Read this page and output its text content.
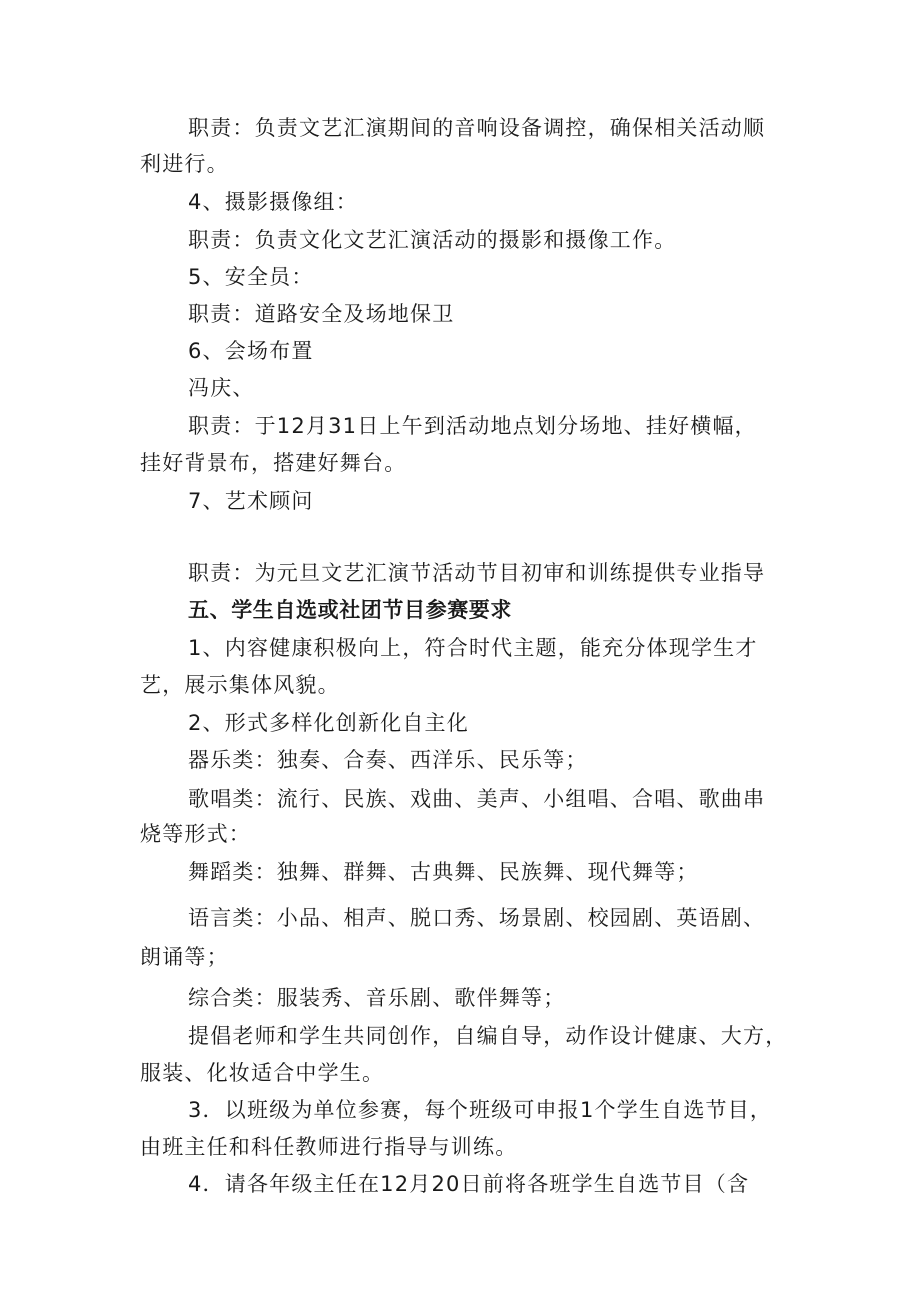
职责：负责文艺汇演期间的音响设备调控，确保相关活动顺
利进行。
4、摄影摄像组：
职责：负责文化文艺汇演活动的摄影和摄像工作。
5、安全员：
职责：道路安全及场地保卫
6、会场布置
冯庆、
职责：于12月31日上午到活动地点划分场地、挂好横幅，
挂好背景布，搭建好舞台。
7、艺术顾问
职责：为元旦文艺汇演节活动节目初审和训练提供专业指导
五、学生自选或社团节目参赛要求
1、内容健康积极向上，符合时代主题，能充分体现学生才
艺，展示集体风貌。
2、形式多样化创新化自主化
器乐类：独奏、合奏、西洋乐、民乐等；
歌唱类：流行、民族、戏曲、美声、小组唱、合唱、歌曲串
烧等形式：
舞蹈类：独舞、群舞、古典舞、民族舞、现代舞等；
语言类：小品、相声、脱口秀、场景剧、校园剧、英语剧、
朗诵等；
综合类：服装秀、音乐剧、歌伴舞等；
提倡老师和学生共同创作，自编自导，动作设计健康、大方，
服装、化妆适合中学生。
3．以班级为单位参赛，每个班级可申报1个学生自选节目，
由班主任和科任教师进行指导与训练。
4．请各年级主任在12月20日前将各班学生自选节目（含
